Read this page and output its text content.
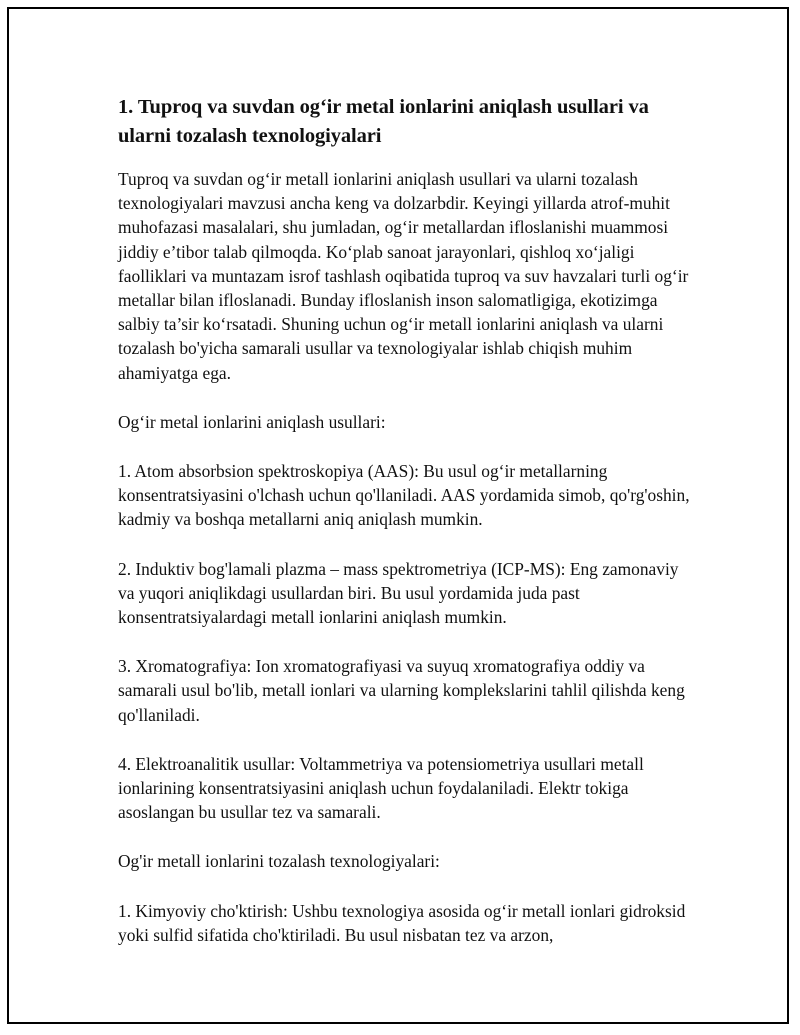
1. Tuproq va suvdan og‘ir metal ionlarini aniqlash usullari va ularni tozalash texnologiyalari

Tuproq va suvdan og‘ir metall ionlarini aniqlash usullari va ularni tozalash texnologiyalari mavzusi ancha keng va dolzarbdir. Keyingi yillarda atrof-muhit muhofazasi masalalari, shu jumladan, og‘ir metallardan ifloslanishi muammosi jiddiy e’tibor talab qilmoqda. Ko‘plab sanoat jarayonlari, qishloq xo‘jaligi faolliklari va muntazam isrof tashlash oqibatida tuproq va suv havzalari turli og‘ir metallar bilan ifloslanadi. Bunday ifloslanish inson salomatligiga, ekotizimga salbiy ta’sir ko‘rsatadi. Shuning uchun og‘ir metall ionlarini aniqlash va ularni tozalash bo'yicha samarali usullar va texnologiyalar ishlab chiqish muhim ahamiyatga ega.

Og‘ir metal ionlarini aniqlash usullari:

1. Atom absorbsion spektroskopiya (AAS): Bu usul og‘ir metallarning konsentratsiyasini o'lchash uchun qo'llaniladi. AAS yordamida simob, qo'rg'oshin, kadmiy va boshqa metallarni aniq aniqlash mumkin.

2. Induktiv bog'lamali plazma – mass spektrometriya (ICP-MS): Eng zamonaviy va yuqori aniqlikdagi usullardan biri. Bu usul yordamida juda past konsentratsiyalardagi metall ionlarini aniqlash mumkin.

3. Xromatografiya: Ion xromatografiyasi va suyuq xromatografiya oddiy va samarali usul bo'lib, metall ionlari va ularning komplekslarini tahlil qilishda keng qo'llaniladi.

4. Elektroanalitik usullar: Voltammetriya va potensiometriya usullari metall ionlarining konsentratsiyasini aniqlash uchun foydalaniladi. Elektr tokiga asoslangan bu usullar tez va samarali.

Og'ir metall ionlarini tozalash texnologiyalari:

1. Kimyoviy cho'ktirish: Ushbu texnologiya asosida og‘ir metall ionlari gidroksid yoki sulfid sifatida cho'ktiriladi. Bu usul nisbatan tez va arzon,
